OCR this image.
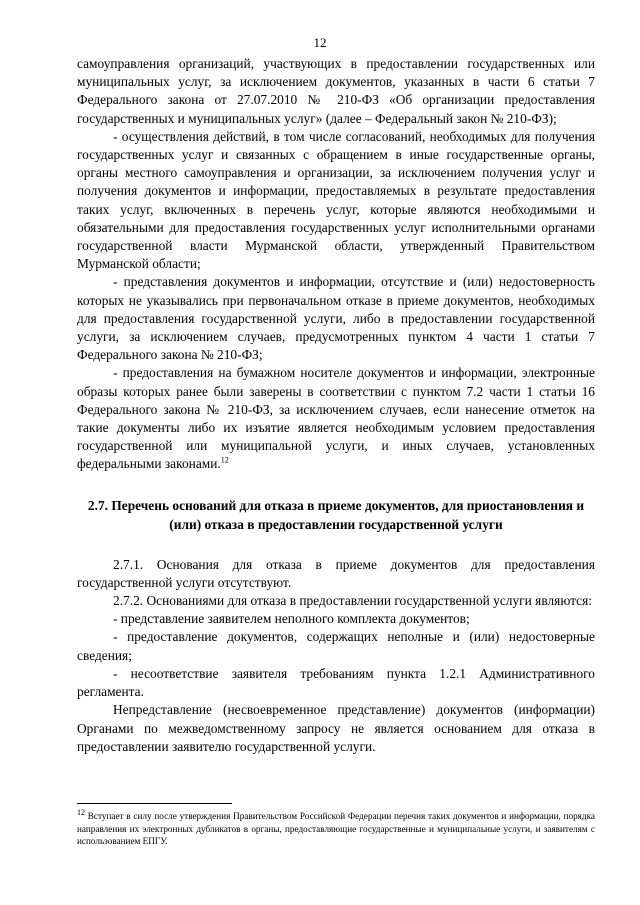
12

самоуправления организаций, участвующих в предоставлении государственных или муниципальных услуг, за исключением документов, указанных в части 6 статьи 7 Федерального закона от 27.07.2010 № 210-ФЗ «Об организации предоставления государственных и муниципальных услуг» (далее – Федеральный закон № 210-ФЗ);

- осуществления действий, в том числе согласований, необходимых для получения государственных услуг и связанных с обращением в иные государственные органы, органы местного самоуправления и организации, за исключением получения услуг и получения документов и информации, предоставляемых в результате предоставления таких услуг, включенных в перечень услуг, которые являются необходимыми и обязательными для предоставления государственных услуг исполнительными органами государственной власти Мурманской области, утвержденный Правительством Мурманской области;

- представления документов и информации, отсутствие и (или) недостоверность которых не указывались при первоначальном отказе в приеме документов, необходимых для предоставления государственной услуги, либо в предоставлении государственной услуги, за исключением случаев, предусмотренных пунктом 4 части 1 статьи 7 Федерального закона № 210-ФЗ;

- предоставления на бумажном носителе документов и информации, электронные образы которых ранее были заверены в соответствии с пунктом 7.2 части 1 статьи 16 Федерального закона № 210-ФЗ, за исключением случаев, если нанесение отметок на такие документы либо их изъятие является необходимым условием предоставления государственной или муниципальной услуги, и иных случаев, установленных федеральными законами.$^{12}$

2.7. Перечень оснований для отказа в приеме документов, для приостановления и (или) отказа в предоставлении государственной услуги

2.7.1. Основания для отказа в приеме документов для предоставления государственной услуги отсутствуют.

2.7.2. Основаниями для отказа в предоставлении государственной услуги являются:

- представление заявителем неполного комплекта документов;

- предоставление документов, содержащих неполные и (или) недостоверные сведения;

- несоответствие заявителя требованиям пункта 1.2.1 Административного регламента.

Непредставление (несвоевременное представление) документов (информации) Органами по межведомственному запросу не является основанием для отказа в предоставлении заявителю государственной услуги.

$^{12}$ Вступает в силу после утверждения Правительством Российской Федерации перечня таких документов и информации, порядка направления их электронных дубликатов в органы, предоставляющие государственные и муниципальные услуги, и заявителям с использованием ЕПГУ.
